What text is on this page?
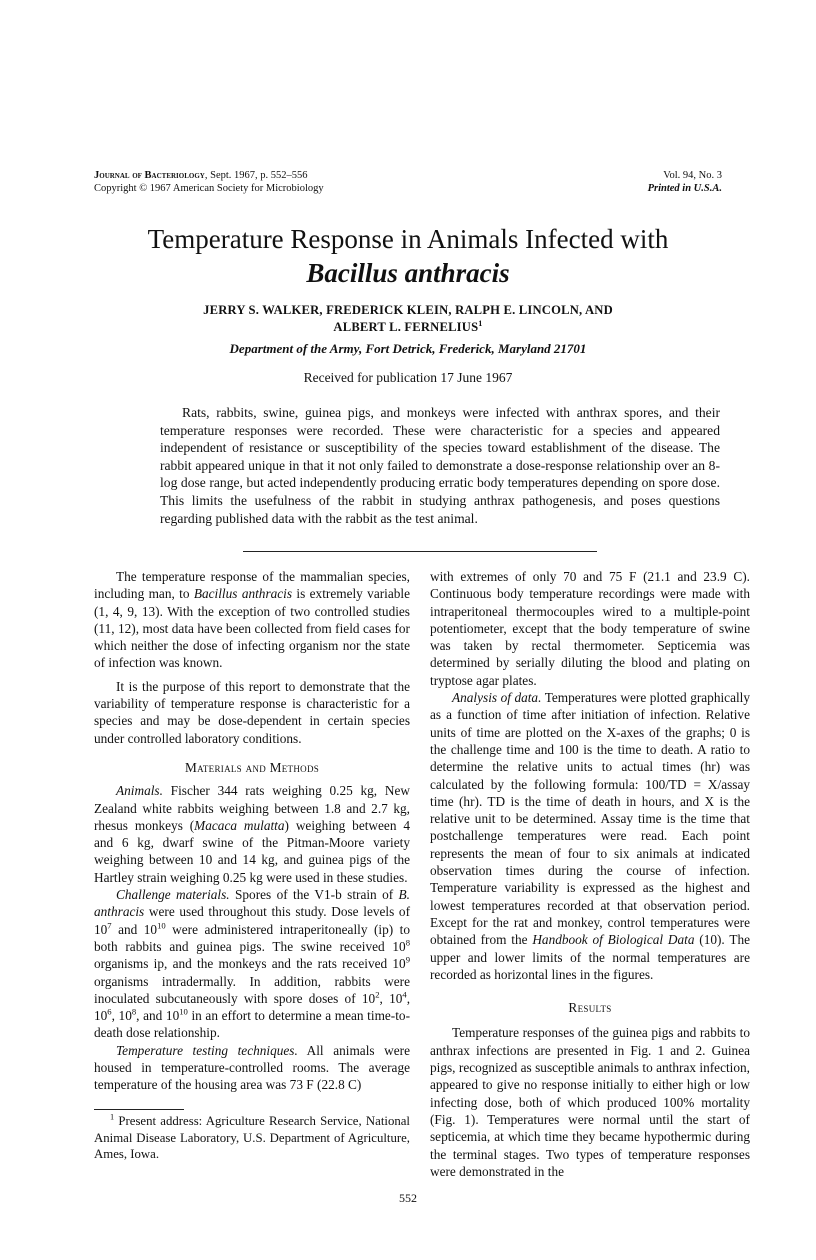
Journal of Bacteriology, Sept. 1967, p. 552–556
Copyright © 1967 American Society for Microbiology
Vol. 94, No. 3
Printed in U.S.A.
Temperature Response in Animals Infected with
Bacillus anthracis
JERRY S. WALKER, FREDERICK KLEIN, RALPH E. LINCOLN, AND
ALBERT L. FERNELIUS$^1$
Department of the Army, Fort Detrick, Frederick, Maryland 21701
Received for publication 17 June 1967

Rats, rabbits, swine, guinea pigs, and monkeys were infected with anthrax spores, and their temperature responses were recorded. These were characteristic for a species and appeared independent of resistance or susceptibility of the species toward establishment of the disease. The rabbit appeared unique in that it not only failed to demonstrate a dose-response relationship over an 8-log dose range, but acted independently producing erratic body temperatures depending on spore dose. This limits the usefulness of the rabbit in studying anthrax pathogenesis, and poses questions regarding published data with the rabbit as the test animal.

The temperature response of the mammalian species, including man, to Bacillus anthracis is extremely variable (1, 4, 9, 13). With the exception of two controlled studies (11, 12), most data have been collected from field cases for which neither the dose of infecting organism nor the state of infection was known.

It is the purpose of this report to demonstrate that the variability of temperature response is characteristic for a species and may be dose-dependent in certain species under controlled laboratory conditions.

Materials and Methods

Animals. Fischer 344 rats weighing 0.25 kg, New Zealand white rabbits weighing between 1.8 and 2.7 kg, rhesus monkeys (Macaca mulatta) weighing between 4 and 6 kg, dwarf swine of the Pitman-Moore variety weighing between 10 and 14 kg, and guinea pigs of the Hartley strain weighing 0.25 kg were used in these studies.

Challenge materials. Spores of the V1-b strain of B. anthracis were used throughout this study. Dose levels of $10^7$ and $10^{10}$ were administered intraperitoneally (ip) to both rabbits and guinea pigs. The swine received $10^8$ organisms ip, and the monkeys and the rats received $10^9$ organisms intradermally. In addition, rabbits were inoculated subcutaneously with spore doses of $10^2$, $10^4$, $10^6$, $10^8$, and $10^{10}$ in an effort to determine a mean time-to-death dose relationship.

Temperature testing techniques. All animals were housed in temperature-controlled rooms. The average temperature of the housing area was 73 F (22.8 C)

with extremes of only 70 and 75 F (21.1 and 23.9 C). Continuous body temperature recordings were made with intraperitoneal thermocouples wired to a multiple-point potentiometer, except that the body temperature of swine was taken by rectal thermometer. Septicemia was determined by serially diluting the blood and plating on tryptose agar plates.

Analysis of data. Temperatures were plotted graphically as a function of time after initiation of infection. Relative units of time are plotted on the X-axes of the graphs; 0 is the challenge time and 100 is the time to death. A ratio to determine the relative units to actual times (hr) was calculated by the following formula: 100/TD = X/assay time (hr). TD is the time of death in hours, and X is the relative unit to be determined. Assay time is the time that postchallenge temperatures were read. Each point represents the mean of four to six animals at indicated observation times during the course of infection. Temperature variability is expressed as the highest and lowest temperatures recorded at that observation period. Except for the rat and monkey, control temperatures were obtained from the Handbook of Biological Data (10). The upper and lower limits of the normal temperatures are recorded as horizontal lines in the figures.

Results

Temperature responses of the guinea pigs and rabbits to anthrax infections are presented in Fig. 1 and 2. Guinea pigs, recognized as susceptible animals to anthrax infection, appeared to give no response initially to either high or low infecting dose, both of which produced 100% mortality (Fig. 1). Temperatures were normal until the start of septicemia, at which time they became hypothermic during the terminal stages. Two types of temperature responses were demonstrated in the

$^1$ Present address: Agriculture Research Service, National Animal Disease Laboratory, U.S. Department of Agriculture, Ames, Iowa.

552
